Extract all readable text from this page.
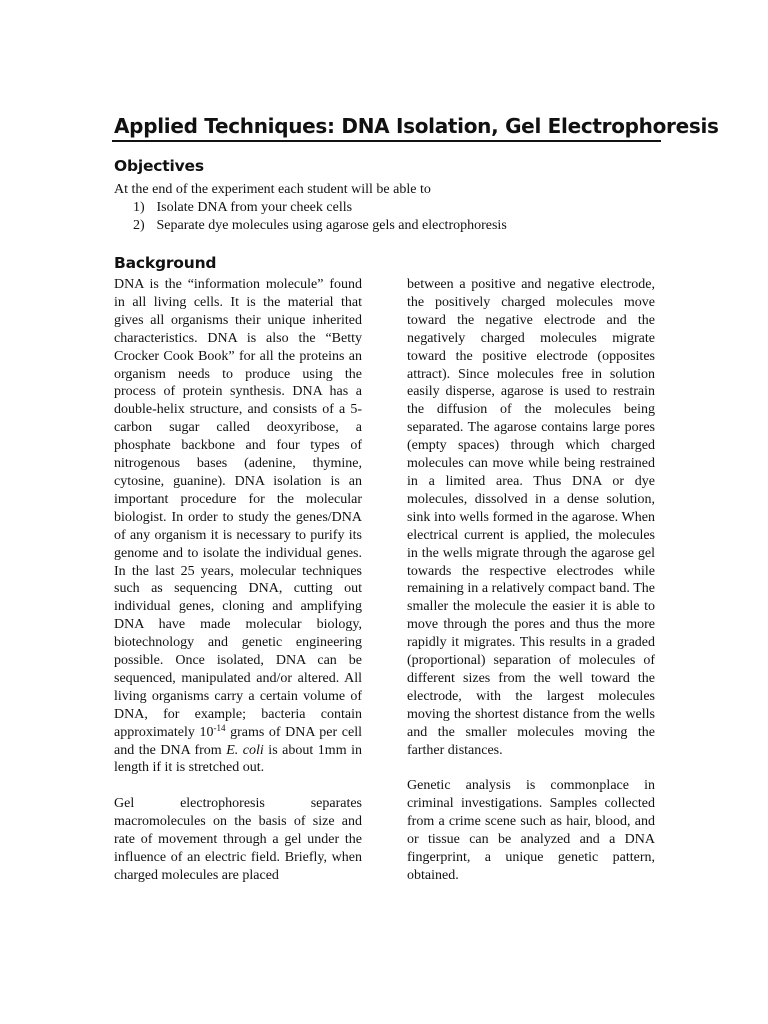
Applied Techniques: DNA Isolation, Gel Electrophoresis
Objectives

At the end of the experiment each student will be able to

1) Isolate DNA from your cheek cells
2) Separate dye molecules using agarose gels and electrophoresis
Background

DNA is the “information molecule” found in all living cells. It is the material that gives all organisms their unique inherited characteristics. DNA is also the “Betty Crocker Cook Book” for all the proteins an organism needs to produce using the process of protein synthesis. DNA has a double-helix structure, and consists of a 5-carbon sugar called deoxyribose, a phosphate backbone and four types of nitrogenous bases (adenine, thymine, cytosine, guanine). DNA isolation is an important procedure for the molecular biologist. In order to study the genes/DNA of any organism it is necessary to purify its genome and to isolate the individual genes. In the last 25 years, molecular techniques such as sequencing DNA, cutting out individual genes, cloning and amplifying DNA have made molecular biology, biotechnology and genetic engineering possible. Once isolated, DNA can be sequenced, manipulated and/or altered. All living organisms carry a certain volume of DNA, for example; bacteria contain approximately $10^{-14}$ grams of DNA per cell and the DNA from E. coli is about 1mm in length if it is stretched out.

Gel electrophoresis separates macromolecules on the basis of size and rate of movement through a gel under the influence of an electric field. Briefly, when charged molecules are placed

between a positive and negative electrode, the positively charged molecules move toward the negative electrode and the negatively charged molecules migrate toward the positive electrode (opposites attract). Since molecules free in solution easily disperse, agarose is used to restrain the diffusion of the molecules being separated. The agarose contains large pores (empty spaces) through which charged molecules can move while being restrained in a limited area. Thus DNA or dye molecules, dissolved in a dense solution, sink into wells formed in the agarose. When electrical current is applied, the molecules in the wells migrate through the agarose gel towards the respective electrodes while remaining in a relatively compact band. The smaller the molecule the easier it is able to move through the pores and thus the more rapidly it migrates. This results in a graded (proportional) separation of molecules of different sizes from the well toward the electrode, with the largest molecules moving the shortest distance from the wells and the smaller molecules moving the farther distances.

Genetic analysis is commonplace in criminal investigations. Samples collected from a crime scene such as hair, blood, and or tissue can be analyzed and a DNA fingerprint, a unique genetic pattern, obtained.
